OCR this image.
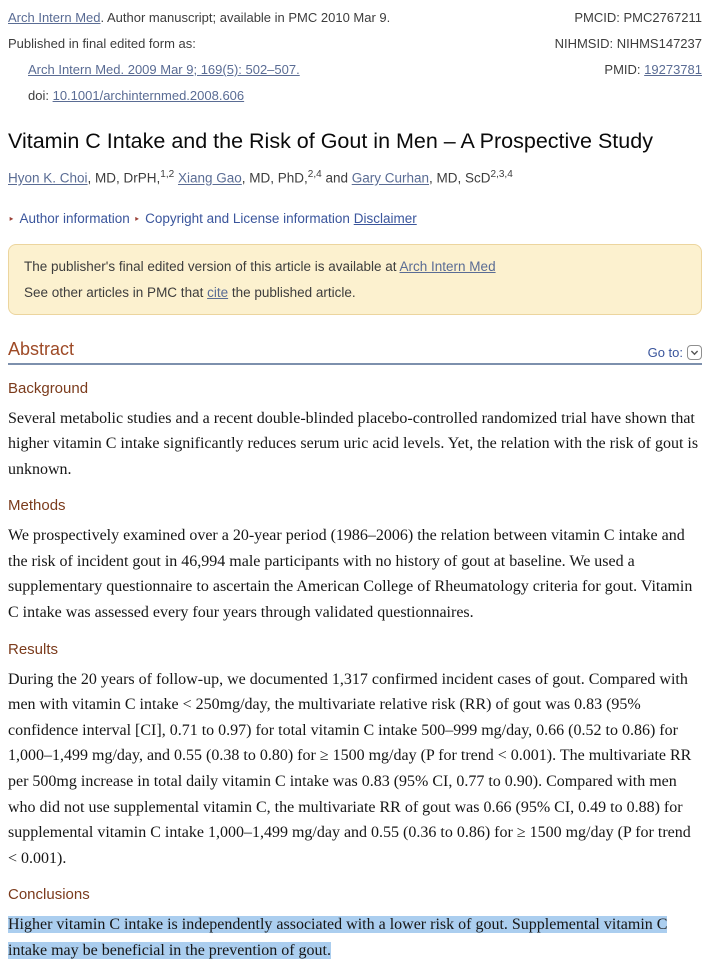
Arch Intern Med. Author manuscript; available in PMC 2010 Mar 9.	PMCID: PMC2767211
Published in final edited form as:	NIHMSID: NIHMS147237
Arch Intern Med. 2009 Mar 9; 169(5): 502–507.	PMID: 19273781
doi: 10.1001/archinternmed.2008.606
Vitamin C Intake and the Risk of Gout in Men – A Prospective Study

Hyon K. Choi, MD, DrPH,$^{1,2}$ Xiang Gao, MD, PhD,$^{2,4}$ and Gary Curhan, MD, ScD$^{2,3,4}$

‣ Author information ‣ Copyright and License information Disclaimer

The publisher's final edited version of this article is available at Arch Intern Med

See other articles in PMC that cite the published article.

Abstract	Go to:
Background

Several metabolic studies and a recent double-blinded placebo-controlled randomized trial have shown that higher vitamin C intake significantly reduces serum uric acid levels. Yet, the relation with the risk of gout is unknown.

Methods

We prospectively examined over a 20-year period (1986–2006) the relation between vitamin C intake and the risk of incident gout in 46,994 male participants with no history of gout at baseline. We used a supplementary questionnaire to ascertain the American College of Rheumatology criteria for gout. Vitamin C intake was assessed every four years through validated questionnaires.

Results

During the 20 years of follow-up, we documented 1,317 confirmed incident cases of gout. Compared with men with vitamin C intake < 250mg/day, the multivariate relative risk (RR) of gout was 0.83 (95% confidence interval [CI], 0.71 to 0.97) for total vitamin C intake 500–999 mg/day, 0.66 (0.52 to 0.86) for 1,000–1,499 mg/day, and 0.55 (0.38 to 0.80) for ≥ 1500 mg/day (P for trend < 0.001). The multivariate RR per 500mg increase in total daily vitamin C intake was 0.83 (95% CI, 0.77 to 0.90). Compared with men who did not use supplemental vitamin C, the multivariate RR of gout was 0.66 (95% CI, 0.49 to 0.88) for supplemental vitamin C intake 1,000–1,499 mg/day and 0.55 (0.36 to 0.86) for ≥ 1500 mg/day (P for trend < 0.001).

Conclusions

Higher vitamin C intake is independently associated with a lower risk of gout. Supplemental vitamin C intake may be beneficial in the prevention of gout.
